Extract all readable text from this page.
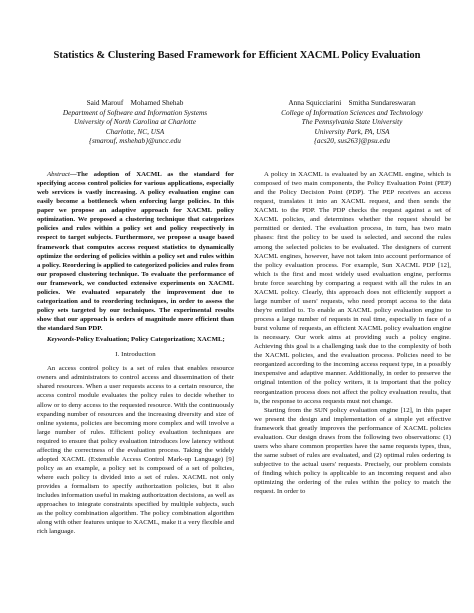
Statistics & Clustering Based Framework for Efficient XACML Policy Evaluation
Said Marouf    Mohamed Shehab
Department of Software and Information Systems
University of North Carolina at Charlotte
Charlotte, NC, USA
{smarouf, mshehab}@uncc.edu
Anna Squicciarini    Smitha Sundareswaran
College of Information Sciences and Technology
The Pennsylvania State University
University Park, PA, USA
{acs20, sus263}@psu.edu

Abstract—The adoption of XACML as the standard for specifying access control policies for various applications, especially web services is vastly increasing. A policy evaluation engine can easily become a bottleneck when enforcing large policies. In this paper we propose an adaptive approach for XACML policy optimization. We proposed a clustering technique that categorizes policies and rules within a policy set and policy respectively in respect to target subjects. Furthermore, we propose a usage based framework that computes access request statistics to dynamically optimize the ordering of policies within a policy set and rules within a policy. Reordering is applied to categorized policies and rules from our proposed clustering technique. To evaluate the performance of our framework, we conducted extensive experiments on XACML policies. We evaluated separately the improvement due to categorization and to reordering techniques, in order to assess the policy sets targeted by our techniques. The experimental results show that our approach is orders of magnitude more efficient than the standard Sun PDP.

Keywords-Policy Evaluation; Policy Categorization; XACML;

I. Introduction

An access control policy is a set of rules that enables resource owners and administrators to control access and dissemination of their shared resources. When a user requests access to a certain resource, the access control module evaluates the policy rules to decide whether to allow or to deny access to the requested resource. With the continuously expanding number of resources and the increasing diversity and size of online systems, policies are becoming more complex and will involve a large number of rules. Efficient policy evaluation techniques are required to ensure that policy evaluation introduces low latency without affecting the correctness of the evaluation process. Taking the widely adopted XACML (Extensible Access Control Mark-up Language) [9] policy as an example, a policy set is composed of a set of policies, where each policy is divided into a set of rules. XACML not only provides a formalism to specify authorization policies, but it also includes information useful in making authorization decisions, as well as approaches to integrate constraints specified by multiple subjects, such as the policy combination algorithm. The policy combination algorithm along with other features unique to XACML, make it a very flexible and rich language.

A policy in XACML is evaluated by an XACML engine, which is composed of two main components, the Policy Evaluation Point (PEP) and the Policy Decision Point (PDP). The PEP receives an access request, translates it into an XACML request, and then sends the XACML to the PDP. The PDP checks the request against a set of XACML policies, and determines whether the request should be permitted or denied. The evaluation process, in turn, has two main phases: first the policy to be used is selected, and second the rules among the selected policies to be evaluated. The designers of current XACML engines, however, have not taken into account performance of the policy evaluation process. For example, Sun XACML PDP [12], which is the first and most widely used evaluation engine, performs brute force searching by comparing a request with all the rules in an XACML policy. Clearly, this approach does not efficiently support a large number of users' requests, who need prompt access to the data they're entitled to. To enable an XACML policy evaluation engine to process a large number of requests in real time, especially in face of a burst volume of requests, an efficient XACML policy evaluation engine is necessary. Our work aims at providing such a policy engine. Achieving this goal is a challenging task due to the complexity of both the XACML policies, and the evaluation process. Policies need to be reorganized according to the incoming access request type, in a possibly inexpensive and adaptive manner. Additionally, in order to preserve the original intention of the policy writers, it is important that the policy reorganization process does not affect the policy evaluation results, that is, the response to access requests must not change.

Starting from the SUN policy evaluation engine [12], in this paper we present the design and implementation of a simple yet effective framework that greatly improves the performance of XACML policies evaluation. Our design draws from the following two observations: (1) users who share common properties have the same requests types, thus, the same subset of rules are evaluated, and (2) optimal rules ordering is subjective to the actual users' requests. Precisely, our problem consists of finding which policy is applicable to an incoming request and also optimizing the ordering of the rules within the policy to match the request. In order to
